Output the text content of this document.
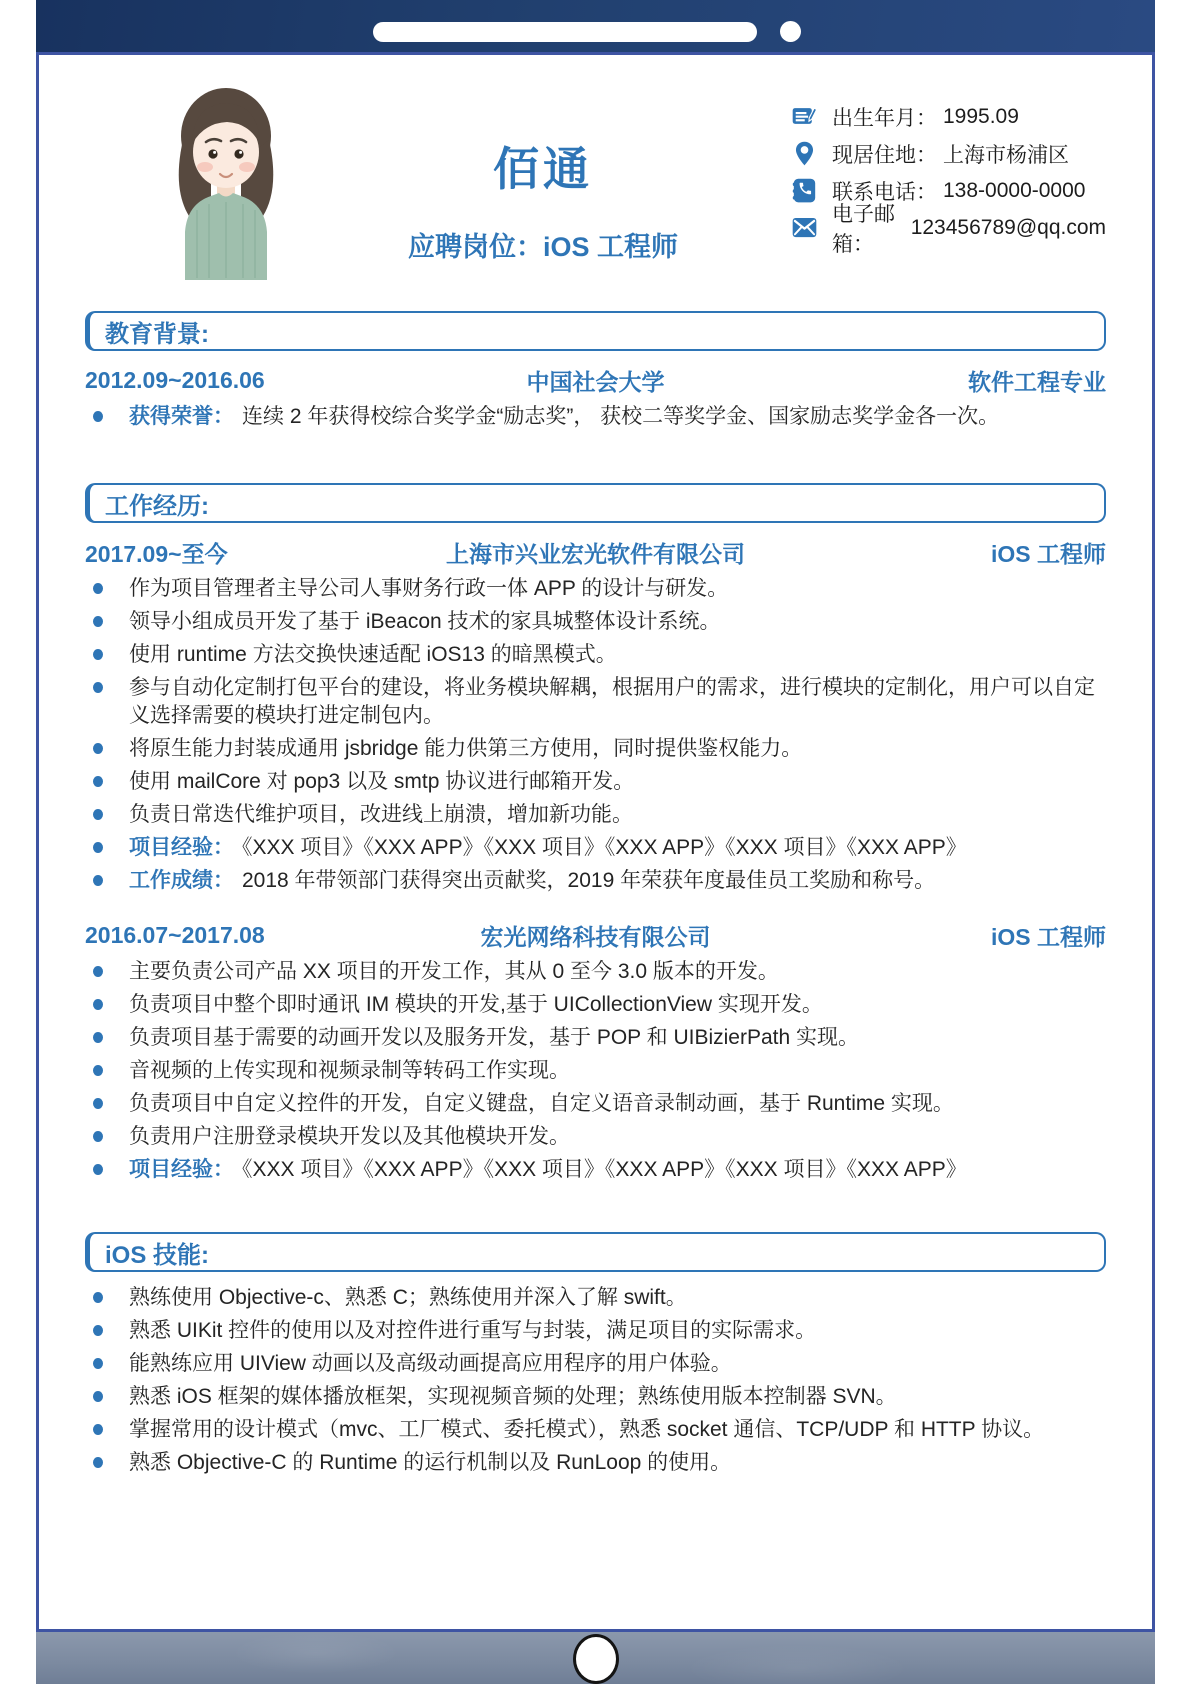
佰通
应聘岗位：iOS 工程师
出生年月： 1995.09
现居住地： 上海市杨浦区
联系电话： 138-0000-0000
电子邮箱：
123456789@qq.com
教育背景:
2012.09~2016.06	中国社会大学	软件工程专业
获得荣誉： 连续 2 年获得校综合奖学金“励志奖”， 获校二等奖学金、国家励志奖学金各一次。
工作经历:
2017.09~至今	上海市兴业宏光软件有限公司	iOS 工程师
作为项目管理者主导公司人事财务行政一体 APP 的设计与研发。
领导小组成员开发了基于 iBeacon 技术的家具城整体设计系统。
使用 runtime 方法交换快速适配 iOS13 的暗黑模式。
参与自动化定制打包平台的建设，将业务模块解耦，根据用户的需求，进行模块的定制化，用户可以自定义选择需要的模块打进定制包内。
将原生能力封装成通用 jsbridge 能力供第三方使用，同时提供鉴权能力。
使用 mailCore 对 pop3 以及 smtp 协议进行邮箱开发。
负责日常迭代维护项目，改进线上崩溃，增加新功能。
项目经验： 《XXX 项目》《XXX APP》《XXX 项目》《XXX APP》《XXX 项目》《XXX APP》
工作成绩： 2018 年带领部门获得突出贡献奖，2019 年荣获年度最佳员工奖励和称号。
2016.07~2017.08	宏光网络科技有限公司	iOS 工程师
主要负责公司产品 XX 项目的开发工作，其从 0 至今 3.0 版本的开发。
负责项目中整个即时通讯 IM 模块的开发,基于 UICollectionView 实现开发。
负责项目基于需要的动画开发以及服务开发，基于 POP 和 UIBizierPath 实现。
音视频的上传实现和视频录制等转码工作实现。
负责项目中自定义控件的开发，自定义键盘，自定义语音录制动画，基于 Runtime 实现。
负责用户注册登录模块开发以及其他模块开发。
项目经验： 《XXX 项目》《XXX APP》《XXX 项目》《XXX APP》《XXX 项目》《XXX APP》
iOS 技能:
熟练使用 Objective-c、熟悉 C；熟练使用并深入了解 swift。
熟悉 UIKit 控件的使用以及对控件进行重写与封装，满足项目的实际需求。
能熟练应用 UIView 动画以及高级动画提高应用程序的用户体验。
熟悉 iOS 框架的媒体播放框架，实现视频音频的处理；熟练使用版本控制器 SVN。
掌握常用的设计模式（mvc、工厂模式、委托模式），熟悉 socket 通信、TCP/UDP 和 HTTP 协议。
熟悉 Objective-C 的 Runtime 的运行机制以及 RunLoop 的使用。
